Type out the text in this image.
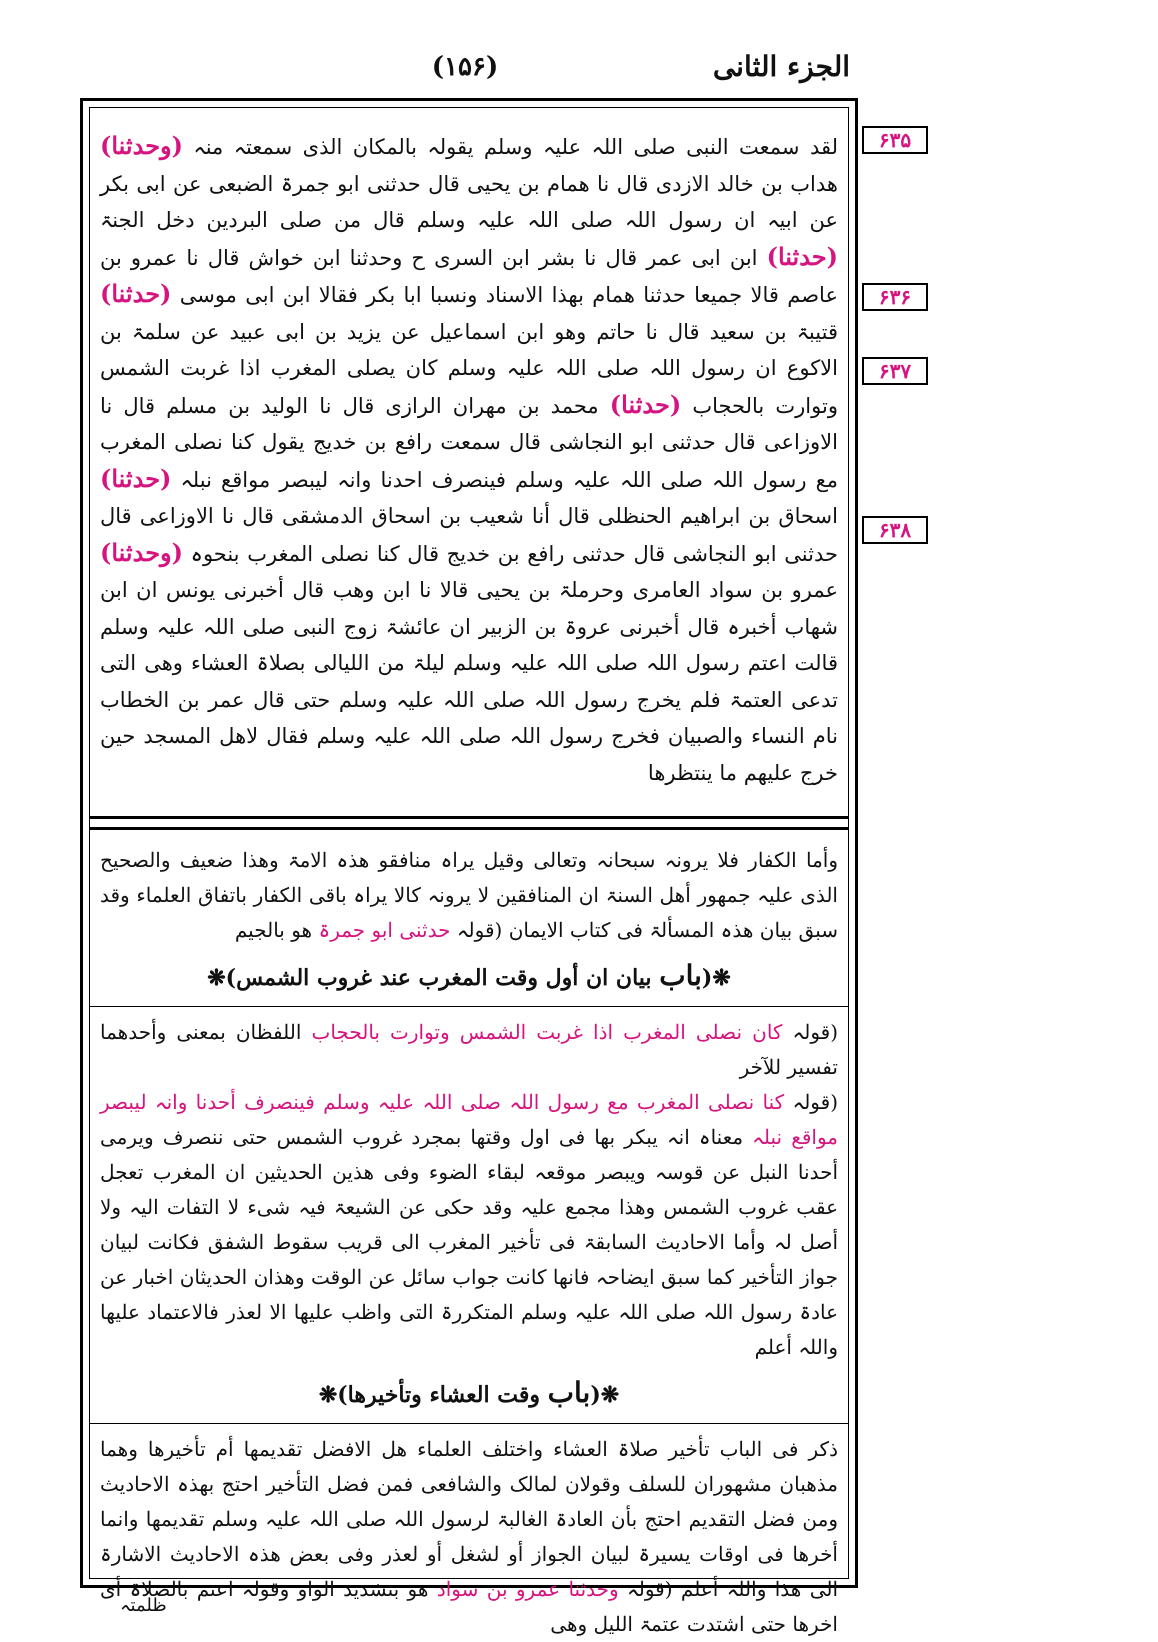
الجزء الثانی
(۱۵۶)
لقد سمعت النبی صلی اللہ علیہ وسلم یقولہ بالمکان الذی سمعتہ منہ (وحدثنا) ھداب بن خالد الازدی قال نا ھمام بن یحیی قال حدثنی ابو جمرۃ الضبعی عن ابی بکر عن ابیہ ان رسول اللہ صلی اللہ علیہ وسلم قال من صلی البردین دخل الجنۃ (حدثنا) ابن ابی عمر قال نا بشر ابن السری ح وحدثنا ابن خواش قال نا عمرو بن عاصم قالا جمیعا حدثنا ھمام بھذا الاسناد ونسبا ابا بکر فقالا ابن ابی موسی (حدثنا) قتیبۃ بن سعید قال نا حاتم وھو ابن اسماعیل عن یزید بن ابی عبید عن سلمۃ بن الاکوع ان رسول اللہ صلی اللہ علیہ وسلم کان یصلی المغرب اذا غربت الشمس وتوارت بالحجاب (حدثنا) محمد بن مھران الرازی قال نا الولید بن مسلم قال نا الاوزاعی قال حدثنی ابو النجاشی قال سمعت رافع بن خدیج یقول کنا نصلی المغرب مع رسول اللہ صلی اللہ علیہ وسلم فینصرف احدنا وانہ لیبصر مواقع نبلہ (حدثنا) اسحاق بن ابراھیم الحنظلی قال أنا شعیب بن اسحاق الدمشقی قال نا الاوزاعی قال حدثنی ابو النجاشی قال حدثنی رافع بن خدیج قال کنا نصلی المغرب بنحوہ (وحدثنا) عمرو بن سواد العامری وحرملۃ بن یحیی قالا نا ابن وھب قال أخبرنی یونس ان ابن شھاب أخبرہ قال أخبرنی عروۃ بن الزبیر ان عائشۃ زوج النبی صلی اللہ علیہ وسلم قالت اعتم رسول اللہ صلی اللہ علیہ وسلم لیلۃ من اللیالی بصلاۃ العشاء وھی التی تدعی العتمۃ فلم یخرج رسول اللہ صلی اللہ علیہ وسلم حتی قال عمر بن الخطاب نام النساء والصبیان فخرج رسول اللہ صلی اللہ علیہ وسلم فقال لاھل المسجد حین خرج علیھم ما ینتظرھا

وأما الکفار فلا یرونہ سبحانہ وتعالی وقیل یراہ منافقو ھذہ الامۃ وھذا ضعیف والصحیح الذی علیہ جمھور أھل السنۃ ان المنافقین لا یرونہ کالا یراہ باقی الکفار باتفاق العلماء وقد سبق بیان ھذہ المسألۃ فی کتاب الایمان (قولہ حدثنی ابو جمرۃ ھو بالجیم

❋(باب بیان ان أول وقت المغرب عند غروب الشمس)❋

(قولہ کان نصلی المغرب اذا غربت الشمس وتوارت بالحجاب اللفظان بمعنی وأحدھما تفسیر للآخر

(قولہ کنا نصلی المغرب مع رسول اللہ صلی اللہ علیہ وسلم فینصرف أحدنا وانہ لیبصر مواقع نبلہ معناہ انہ یبکر بھا فی اول وقتھا بمجرد غروب الشمس حتی ننصرف ویرمی أحدنا النبل عن قوسہ ویبصر موقعہ لبقاء الضوء وفی ھذین الحدیثین ان المغرب تعجل عقب غروب الشمس وھذا مجمع علیہ وقد حکی عن الشیعۃ فیہ شیء لا التفات الیہ ولا أصل لہ وأما الاحادیث السابقۃ فی تأخیر المغرب الی قریب سقوط الشفق فکانت لبیان جواز التأخیر کما سبق ایضاحہ فانھا کانت جواب سائل عن الوقت وھذان الحدیثان اخبار عن عادۃ رسول اللہ صلی اللہ علیہ وسلم المتکررۃ التی واظب علیھا الا لعذر فالاعتماد علیھا واللہ أعلم

❋(باب وقت العشاء وتأخیرھا)❋

ذکر فی الباب تأخیر صلاۃ العشاء واختلف العلماء ھل الافضل تقدیمھا أم تأخیرھا وھما مذھبان مشھوران للسلف وقولان لمالک والشافعی فمن فضل التأخیر احتج بھذہ الاحادیث ومن فضل التقدیم احتج بأن العادۃ الغالبۃ لرسول اللہ صلی اللہ علیہ وسلم تقدیمھا وانما أخرھا فی اوقات یسیرۃ لبیان الجواز أو لشغل أو لعذر وفی بعض ھذہ الاحادیث الاشارۃ الی ھذا واللہ أعلم (قولہ وحدثنا عمرو بن سواد ھو بتشدید الواو وقولہ اعتم بالصلاۃ أی اخرھا حتی اشتدت عتمۃ اللیل وھی

۶۳۵
۶۳۶
۶۳۷
۶۳۸
ظلمتہ
